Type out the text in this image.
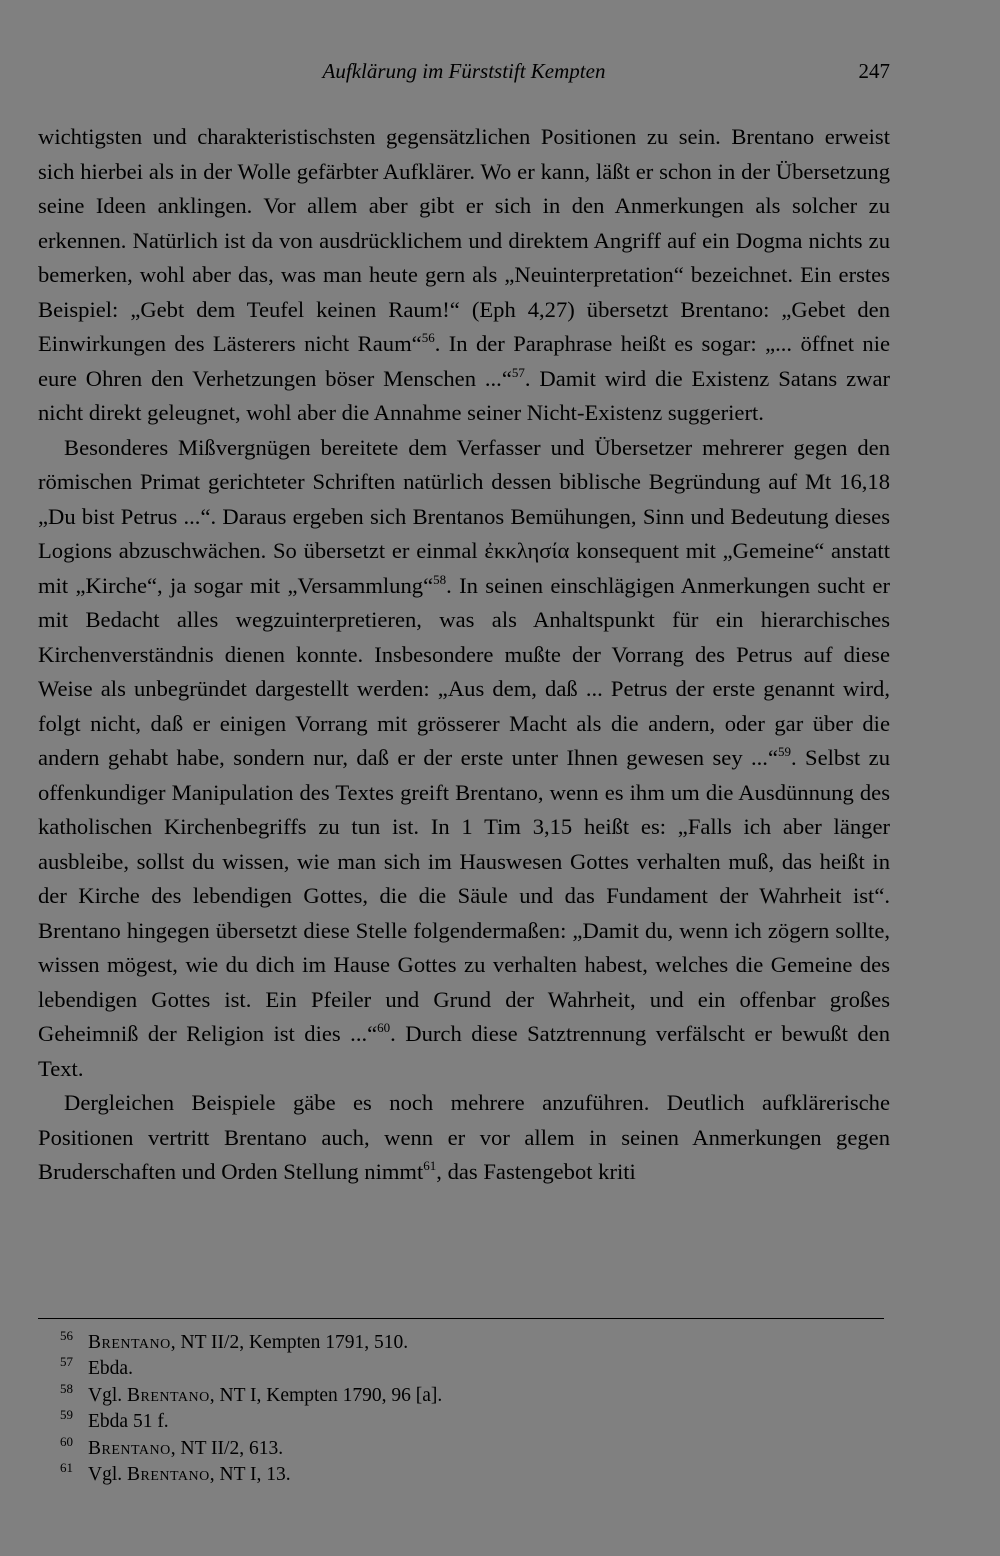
Aufklärung im Fürststift Kempten	247

wichtigsten und charakteristischsten gegensätzlichen Positionen zu sein. Brentano erweist sich hierbei als in der Wolle gefärbter Aufklärer. Wo er kann, läßt er schon in der Übersetzung seine Ideen anklingen. Vor allem aber gibt er sich in den Anmerkungen als solcher zu erkennen. Natürlich ist da von ausdrücklichem und direktem Angriff auf ein Dogma nichts zu bemerken, wohl aber das, was man heute gern als „Neuinterpretation“ bezeichnet. Ein erstes Beispiel: „Gebt dem Teufel keinen Raum!“ (Eph 4,27) übersetzt Brentano: „Gebet den Einwirkungen des Lästerers nicht Raum“$^{56}$. In der Paraphrase heißt es sogar: „... öffnet nie eure Ohren den Verhetzungen böser Menschen ...“$^{57}$. Damit wird die Existenz Satans zwar nicht direkt geleugnet, wohl aber die Annahme seiner Nicht-Existenz suggeriert.

Besonderes Mißvergnügen bereitete dem Verfasser und Übersetzer mehrerer gegen den römischen Primat gerichteter Schriften natürlich dessen biblische Begründung auf Mt 16,18 „Du bist Petrus ...“. Daraus ergeben sich Brentanos Bemühungen, Sinn und Bedeutung dieses Logions abzuschwächen. So übersetzt er einmal ἐκκλησία konsequent mit „Gemeine“ anstatt mit „Kirche“, ja sogar mit „Versammlung“$^{58}$. In seinen einschlägigen Anmerkungen sucht er mit Bedacht alles wegzuinterpretieren, was als Anhaltspunkt für ein hierarchisches Kirchenverständnis dienen konnte. Insbesondere mußte der Vorrang des Petrus auf diese Weise als unbegründet dargestellt werden: „Aus dem, daß ... Petrus der erste genannt wird, folgt nicht, daß er einigen Vorrang mit grösserer Macht als die andern, oder gar über die andern gehabt habe, sondern nur, daß er der erste unter Ihnen gewesen sey ...“$^{59}$. Selbst zu offenkundiger Manipulation des Textes greift Brentano, wenn es ihm um die Ausdünnung des katholischen Kirchenbegriffs zu tun ist. In 1 Tim 3,15 heißt es: „Falls ich aber länger ausbleibe, sollst du wissen, wie man sich im Hauswesen Gottes verhalten muß, das heißt in der Kirche des lebendigen Gottes, die die Säule und das Fundament der Wahrheit ist“. Brentano hingegen übersetzt diese Stelle folgendermaßen: „Damit du, wenn ich zögern sollte, wissen mögest, wie du dich im Hause Gottes zu verhalten habest, welches die Gemeine des lebendigen Gottes ist. Ein Pfeiler und Grund der Wahrheit, und ein offenbar großes Geheimniß der Religion ist dies ...“$^{60}$. Durch diese Satztrennung verfälscht er bewußt den Text.

Dergleichen Beispiele gäbe es noch mehrere anzuführen. Deutlich aufklärerische Positionen vertritt Brentano auch, wenn er vor allem in seinen Anmerkungen gegen Bruderschaften und Orden Stellung nimmt$^{61}$, das Fastengebot kriti

56 Brentano, NT II/2, Kempten 1791, 510.
57 Ebda.
58 Vgl. Brentano, NT I, Kempten 1790, 96 [a].
59 Ebda 51 f.
60 Brentano, NT II/2, 613.
61 Vgl. Brentano, NT I, 13.
